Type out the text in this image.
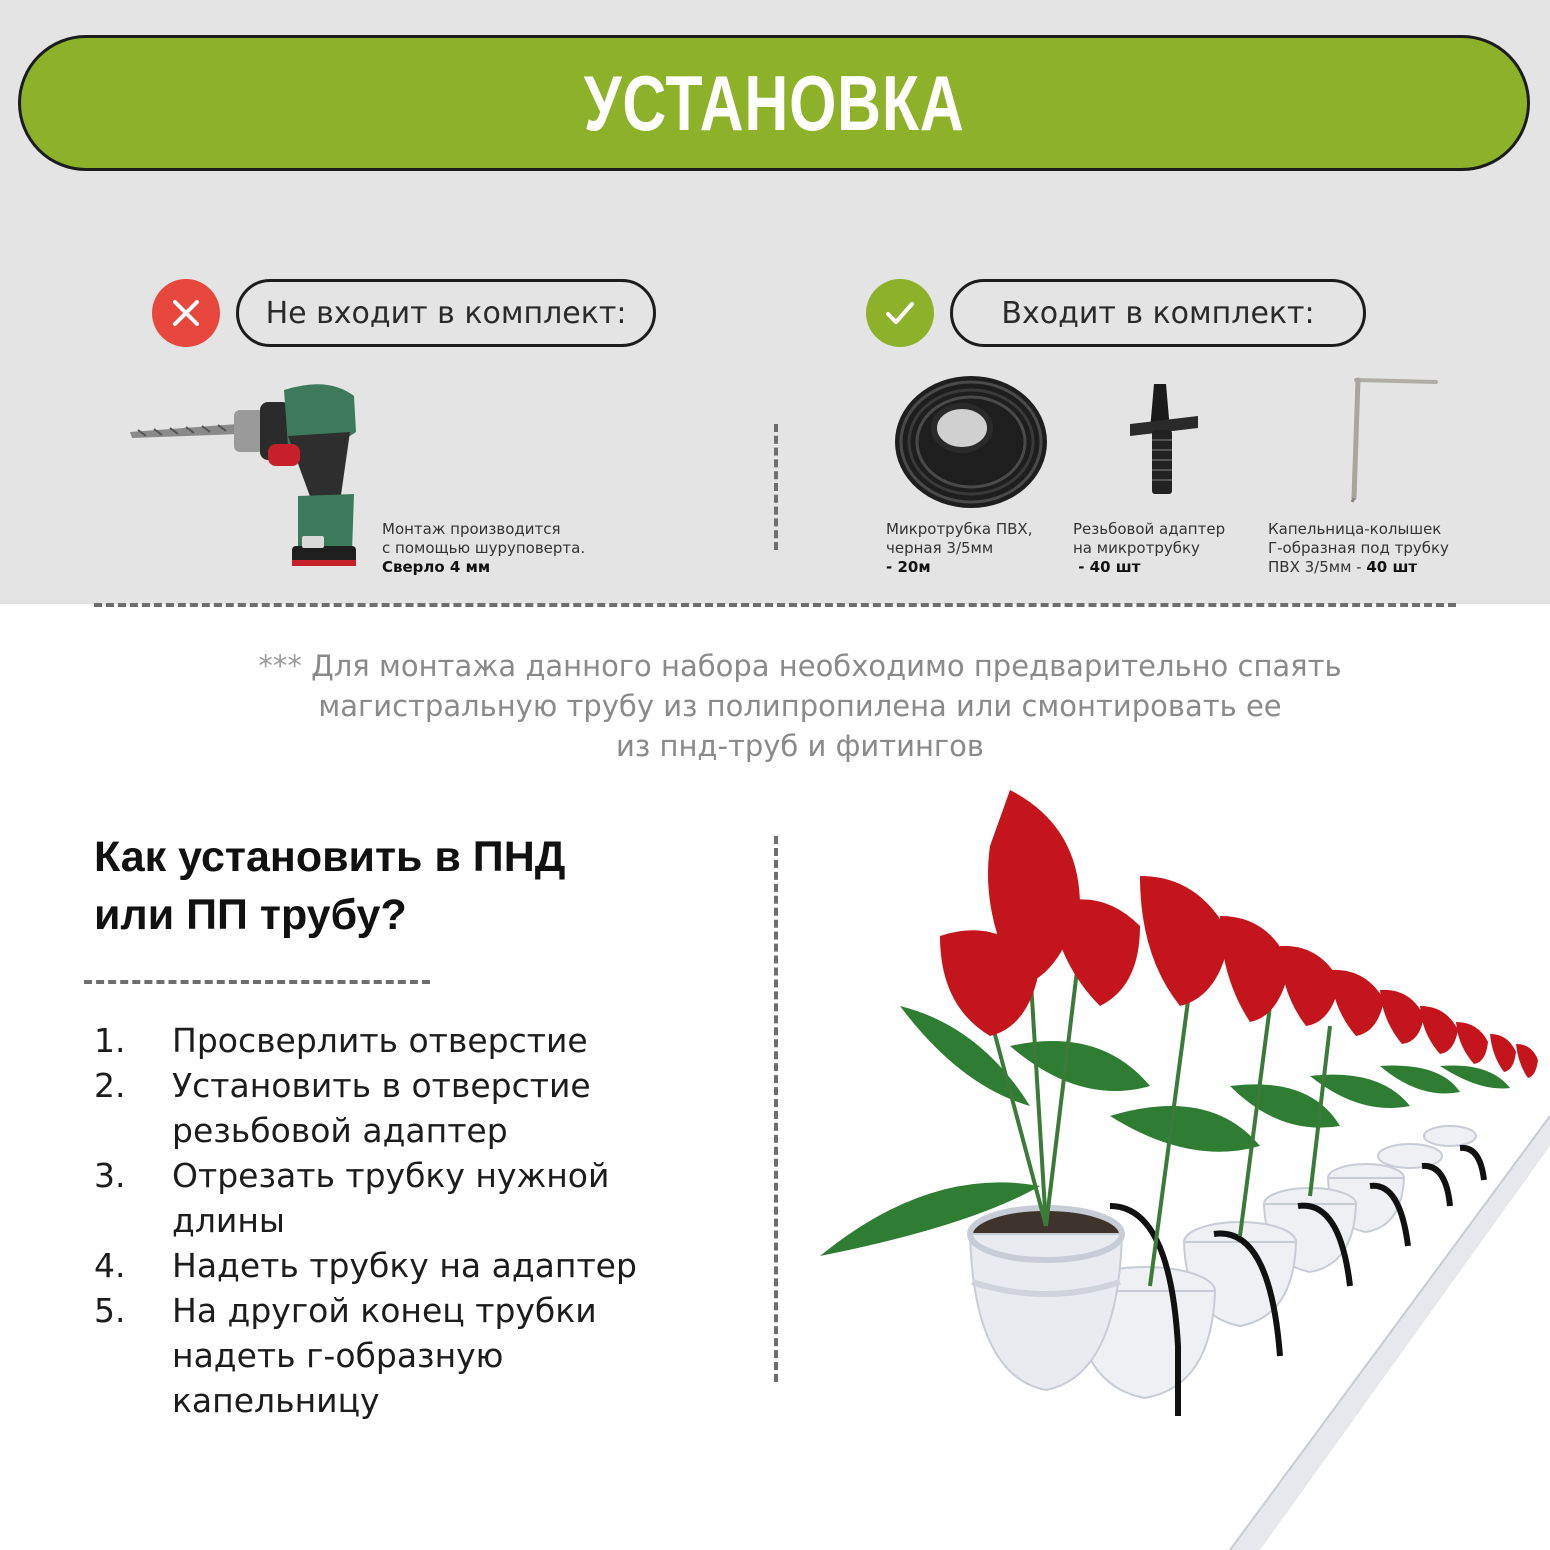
УСТАНОВКА
Не входит в комплект:
Монтаж производится
с помощью шуруповерта.
Сверло 4 мм
Входит в комплект:
Микротрубка ПВХ,
черная 3/5мм
- 20м
Резьбовой адаптер
на микротрубку
- 40 шт
Капельница-колышек
Г-образная под трубку
ПВХ 3/5мм - 40 шт
*** Для монтажа данного набора необходимо предварительно спаять
магистральную трубу из полипропилена или смонтировать ее
из пнд-труб и фитингов
Как установить в ПНД
или ПП трубу?
1. Просверлить отверстие
2. Установить в отверстие резьбовой адаптер
3. Отрезать трубку нужной длины
4. Надеть трубку на адаптер
5. На другой конец трубки надеть г-образную капельницу
